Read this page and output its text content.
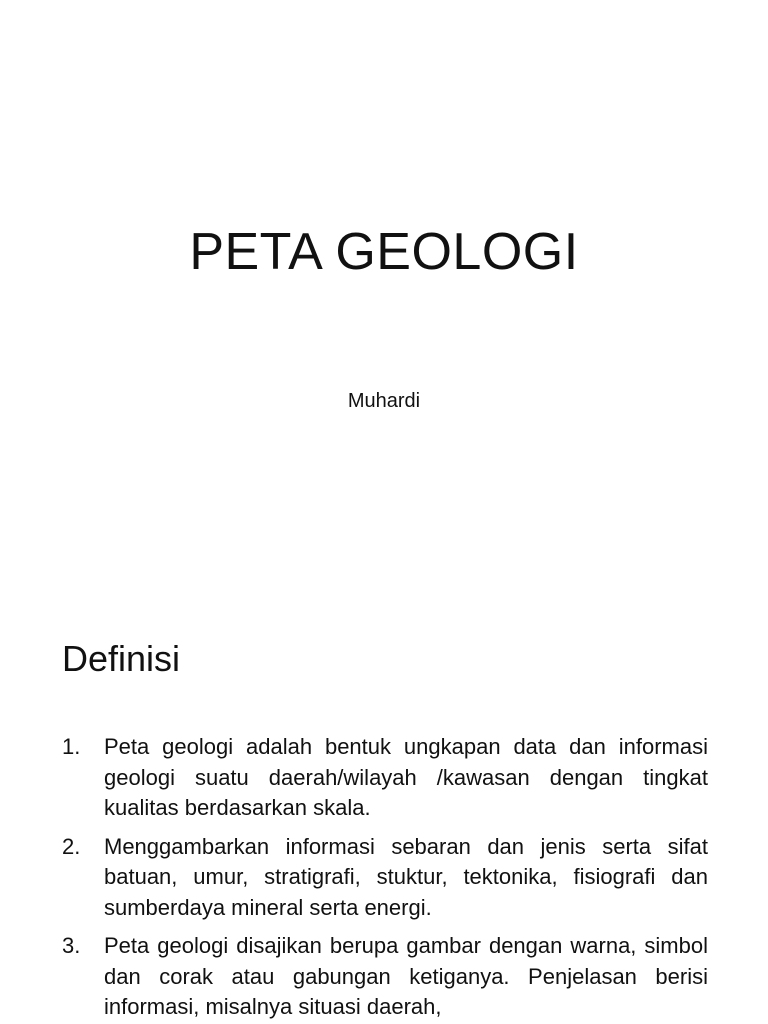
PETA GEOLOGI
Muhardi
Definisi
1. Peta geologi adalah bentuk ungkapan data dan informasi geologi suatu daerah/wilayah /kawasan dengan tingkat kualitas berdasarkan skala.
2. Menggambarkan informasi sebaran dan jenis serta sifat batuan, umur, stratigrafi, stuktur, tektonika, fisiografi dan sumberdaya mineral serta energi.
3. Peta geologi disajikan berupa gambar dengan warna, simbol dan corak atau gabungan ketiganya. Penjelasan berisi informasi, misalnya situasi daerah,
